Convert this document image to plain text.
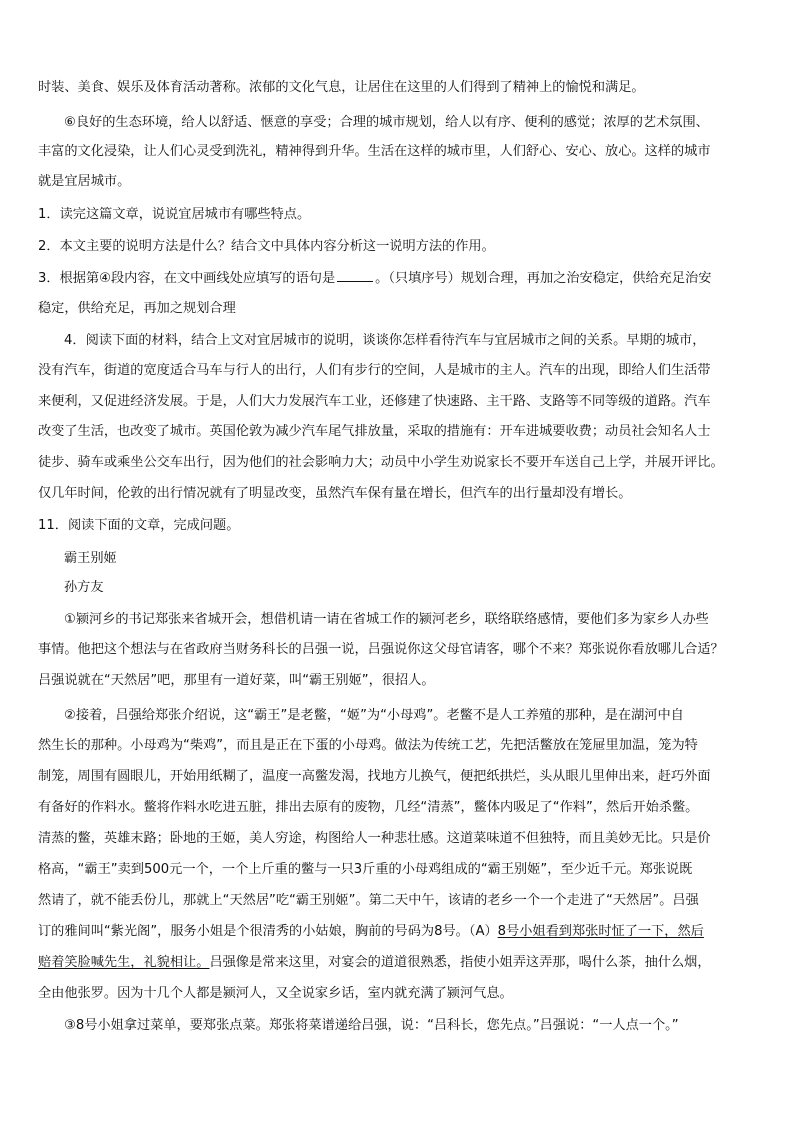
时装、美食、娱乐及体育活动著称。浓郁的文化气息，让居住在这里的人们得到了精神上的愉悦和满足。
⑥良好的生态环境，给人以舒适、惬意的享受；合理的城市规划，给人以有序、便利的感觉；浓厚的艺术氛围、
丰富的文化浸染，让人们心灵受到洗礼，精神得到升华。生活在这样的城市里，人们舒心、安心、放心。这样的城市
就是宜居城市。
1．读完这篇文章，说说宜居城市有哪些特点。
2．本文主要的说明方法是什么？结合文中具体内容分析这一说明方法的作用。
3．根据第④段内容，在文中画线处应填写的语句是	。（只填序号）规划合理，再加之治安稳定，供给充足治安
稳定，供给充足，再加之规划合理
4．阅读下面的材料，结合上文对宜居城市的说明，谈谈你怎样看待汽车与宜居城市之间的关系。早期的城市，
没有汽车，街道的宽度适合马车与行人的出行，人们有步行的空间，人是城市的主人。汽车的出现，即给人们生活带
来便利，又促进经济发展。于是，人们大力发展汽车工业，还修建了快速路、主干路、支路等不同等级的道路。汽车
改变了生活，也改变了城市。英国伦敦为减少汽车尾气排放量，采取的措施有：开车进城要收费；动员社会知名人士
徒步、骑车或乘坐公交车出行，因为他们的社会影响力大；动员中小学生劝说家长不要开车送自己上学，并展开评比。
仅几年时间，伦敦的出行情况就有了明显改变，虽然汽车保有量在增长，但汽车的出行量却没有增长。
11．阅读下面的文章，完成问题。
霸王别姬
孙方友
①颍河乡的书记郑张来省城开会，想借机请一请在省城工作的颍河老乡，联络联络感情，要他们多为家乡人办些
事情。他把这个想法与在省政府当财务科长的吕强一说，吕强说你这父母官请客，哪个不来？郑张说你看放哪儿合适？
吕强说就在“天然居”吧，那里有一道好菜，叫“霸王别姬”，很招人。
②接着，吕强给郑张介绍说，这“霸王”是老鳖，“姬”为“小母鸡”。老鳖不是人工养殖的那种，是在湖河中自
然生长的那种。小母鸡为“柴鸡”，而且是正在下蛋的小母鸡。做法为传统工艺，先把活鳖放在笼屉里加温，笼为特
制笼，周围有圆眼儿，开始用纸糊了，温度一高鳖发渴，找地方儿换气，便把纸拱烂，头从眼儿里伸出来，赶巧外面
有备好的作料水。鳖将作料水吃进五脏，排出去原有的废物，几经“清蒸”，鳖体内吸足了“作料”，然后开始杀鳖。
清蒸的鳖，英雄末路；卧地的王姬，美人穷途，构图给人一种悲壮感。这道菜味道不但独特，而且美妙无比。只是价
格高，“霸王”卖到500元一个，一个上斤重的鳖与一只3斤重的小母鸡组成的“霸王别姬”，至少近千元。郑张说既
然请了，就不能丢份儿，那就上“天然居”吃“霸王别姬”。第二天中午，该请的老乡一个一个走进了“天然居”。吕强
订的雅间叫“紫光阁”，服务小姐是个很清秀的小姑娘，胸前的号码为8号。（A）8号小姐看到郑张时怔了一下，然后
赔着笑脸喊先生，礼貌相让。吕强像是常来这里，对宴会的道道很熟悉，指使小姐弄这弄那，喝什么茶，抽什么烟，
全由他张罗。因为十几个人都是颍河人，又全说家乡话，室内就充满了颍河气息。
③8号小姐拿过菜单，要郑张点菜。郑张将菜谱递给吕强，说：“吕科长，您先点。”吕强说：“一人点一个。”
